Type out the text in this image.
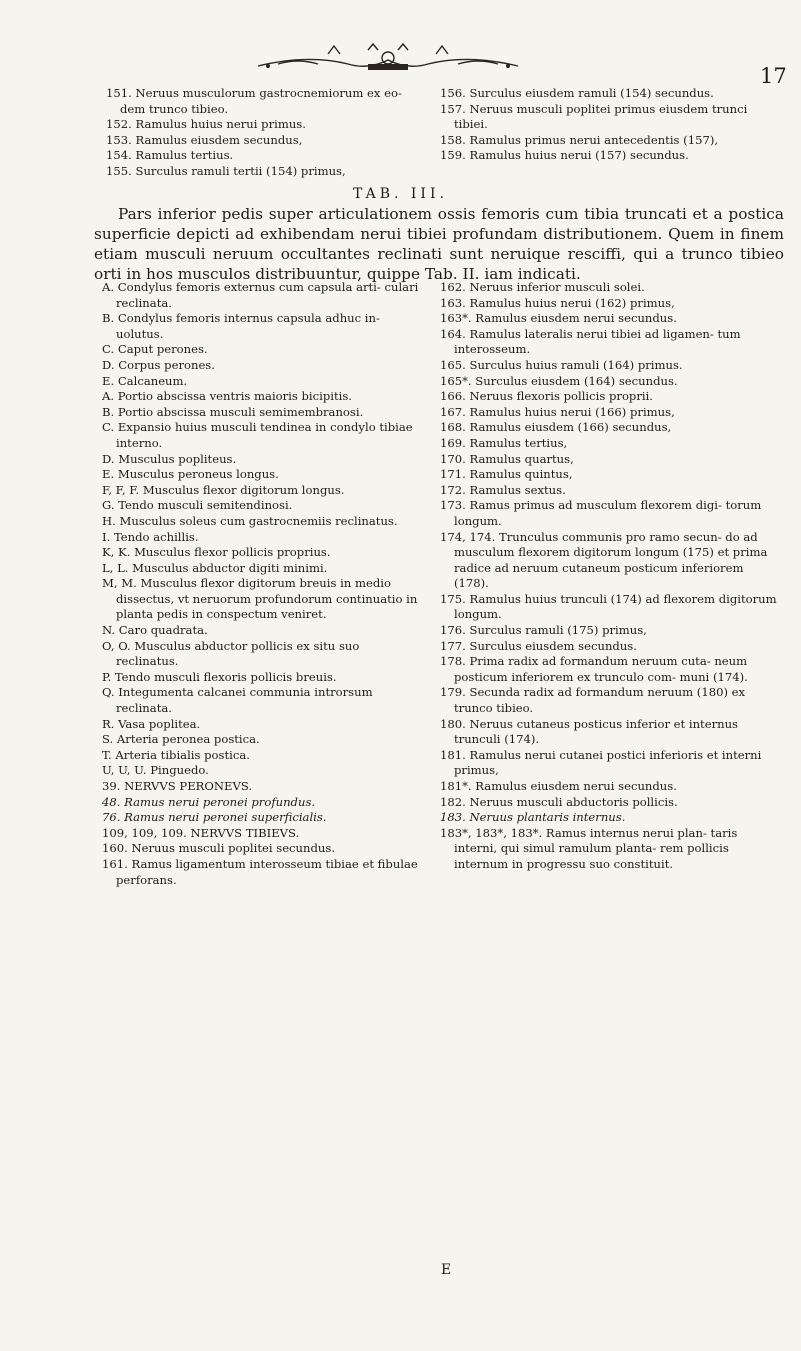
17

151. Neruus musculorum gastrocnemiorum ex eo- dem trunco tibieo.

152. Ramulus huius nerui primus.

153. Ramulus eiusdem secundus,

154. Ramulus tertius.

155. Surculus ramuli tertii (154) primus,

156. Surculus eiusdem ramuli (154) secundus.

157. Neruus musculi poplitei primus eiusdem trunci tibiei.

158. Ramulus primus nerui antecedentis (157),

159. Ramulus huius nerui (157) secundus.

TAB. III.

Pars inferior pedis super articulationem ossis femoris cum tibia truncati et a postica superficie depicti ad exhibendam nerui tibiei profundam distributionem. Quem in finem etiam musculi neruum occultantes reclinati sunt neruique resciffi, qui a trunco tibieo orti in hos musculos distribuuntur, quippe Tab. II. iam indicati.

A. Condylus femoris externus cum capsula arti- culari reclinata.

B. Condylus femoris internus capsula adhuc in- uolutus.

C. Caput perones.

D. Corpus perones.

E. Calcaneum.

A. Portio abscissa ventris maioris bicipitis.

B. Portio abscissa musculi semimembranosi.

C. Expansio huius musculi tendinea in condylo tibiae interno.

D. Musculus popliteus.

E. Musculus peroneus longus.

F, F, F. Musculus flexor digitorum longus.

G. Tendo musculi semitendinosi.

H. Musculus soleus cum gastrocnemiis reclinatus.

I. Tendo achillis.

K, K. Musculus flexor pollicis proprius.

L, L. Musculus abductor digiti minimi.

M, M. Musculus flexor digitorum breuis in medio dissectus, vt neruorum profundorum continuatio in planta pedis in conspectum veniret.

N. Caro quadrata.

O, O. Musculus abductor pollicis ex situ suo reclinatus.

P. Tendo musculi flexoris pollicis breuis.

Q. Integumenta calcanei communia introrsum reclinata.

R. Vasa poplitea.

S. Arteria peronea postica.

T. Arteria tibialis postica.

U, U, U. Pinguedo.

39. NERVVS PERONEVS.

48. Ramus nerui peronei profundus.

76. Ramus nerui peronei superficialis.

109, 109, 109. NERVVS TIBIEVS.

160. Neruus musculi poplitei secundus.

161. Ramus ligamentum interosseum tibiae et fibulae perforans.

162. Neruus inferior musculi solei.

163. Ramulus huius nerui (162) primus,

163*. Ramulus eiusdem nerui secundus.

164. Ramulus lateralis nerui tibiei ad ligamen- tum interosseum.

165. Surculus huius ramuli (164) primus.

165*. Surculus eiusdem (164) secundus.

166. Neruus flexoris pollicis proprii.

167. Ramulus huius nerui (166) primus,

168. Ramulus eiusdem (166) secundus,

169. Ramulus tertius,

170. Ramulus quartus,

171. Ramulus quintus,

172. Ramulus sextus.

173. Ramus primus ad musculum flexorem digi- torum longum.

174, 174. Trunculus communis pro ramo secun- do ad musculum flexorem digitorum longum (175) et prima radice ad neruum cutaneum posticum inferiorem (178).

175. Ramulus huius trunculi (174) ad flexorem digitorum longum.

176. Surculus ramuli (175) primus,

177. Surculus eiusdem secundus.

178. Prima radix ad formandum neruum cuta- neum posticum inferiorem ex trunculo com- muni (174).

179. Secunda radix ad formandum neruum (180) ex trunco tibieo.

180. Neruus cutaneus posticus inferior et internus trunculi (174).

181. Ramulus nerui cutanei postici inferioris et interni primus,

181*. Ramulus eiusdem nerui secundus.

182. Neruus musculi abductoris pollicis.

183. Neruus plantaris internus.

183*, 183*, 183*. Ramus internus nerui plan- taris interni, qui simul ramulum planta- rem pollicis internum in progressu suo constituit.

E
